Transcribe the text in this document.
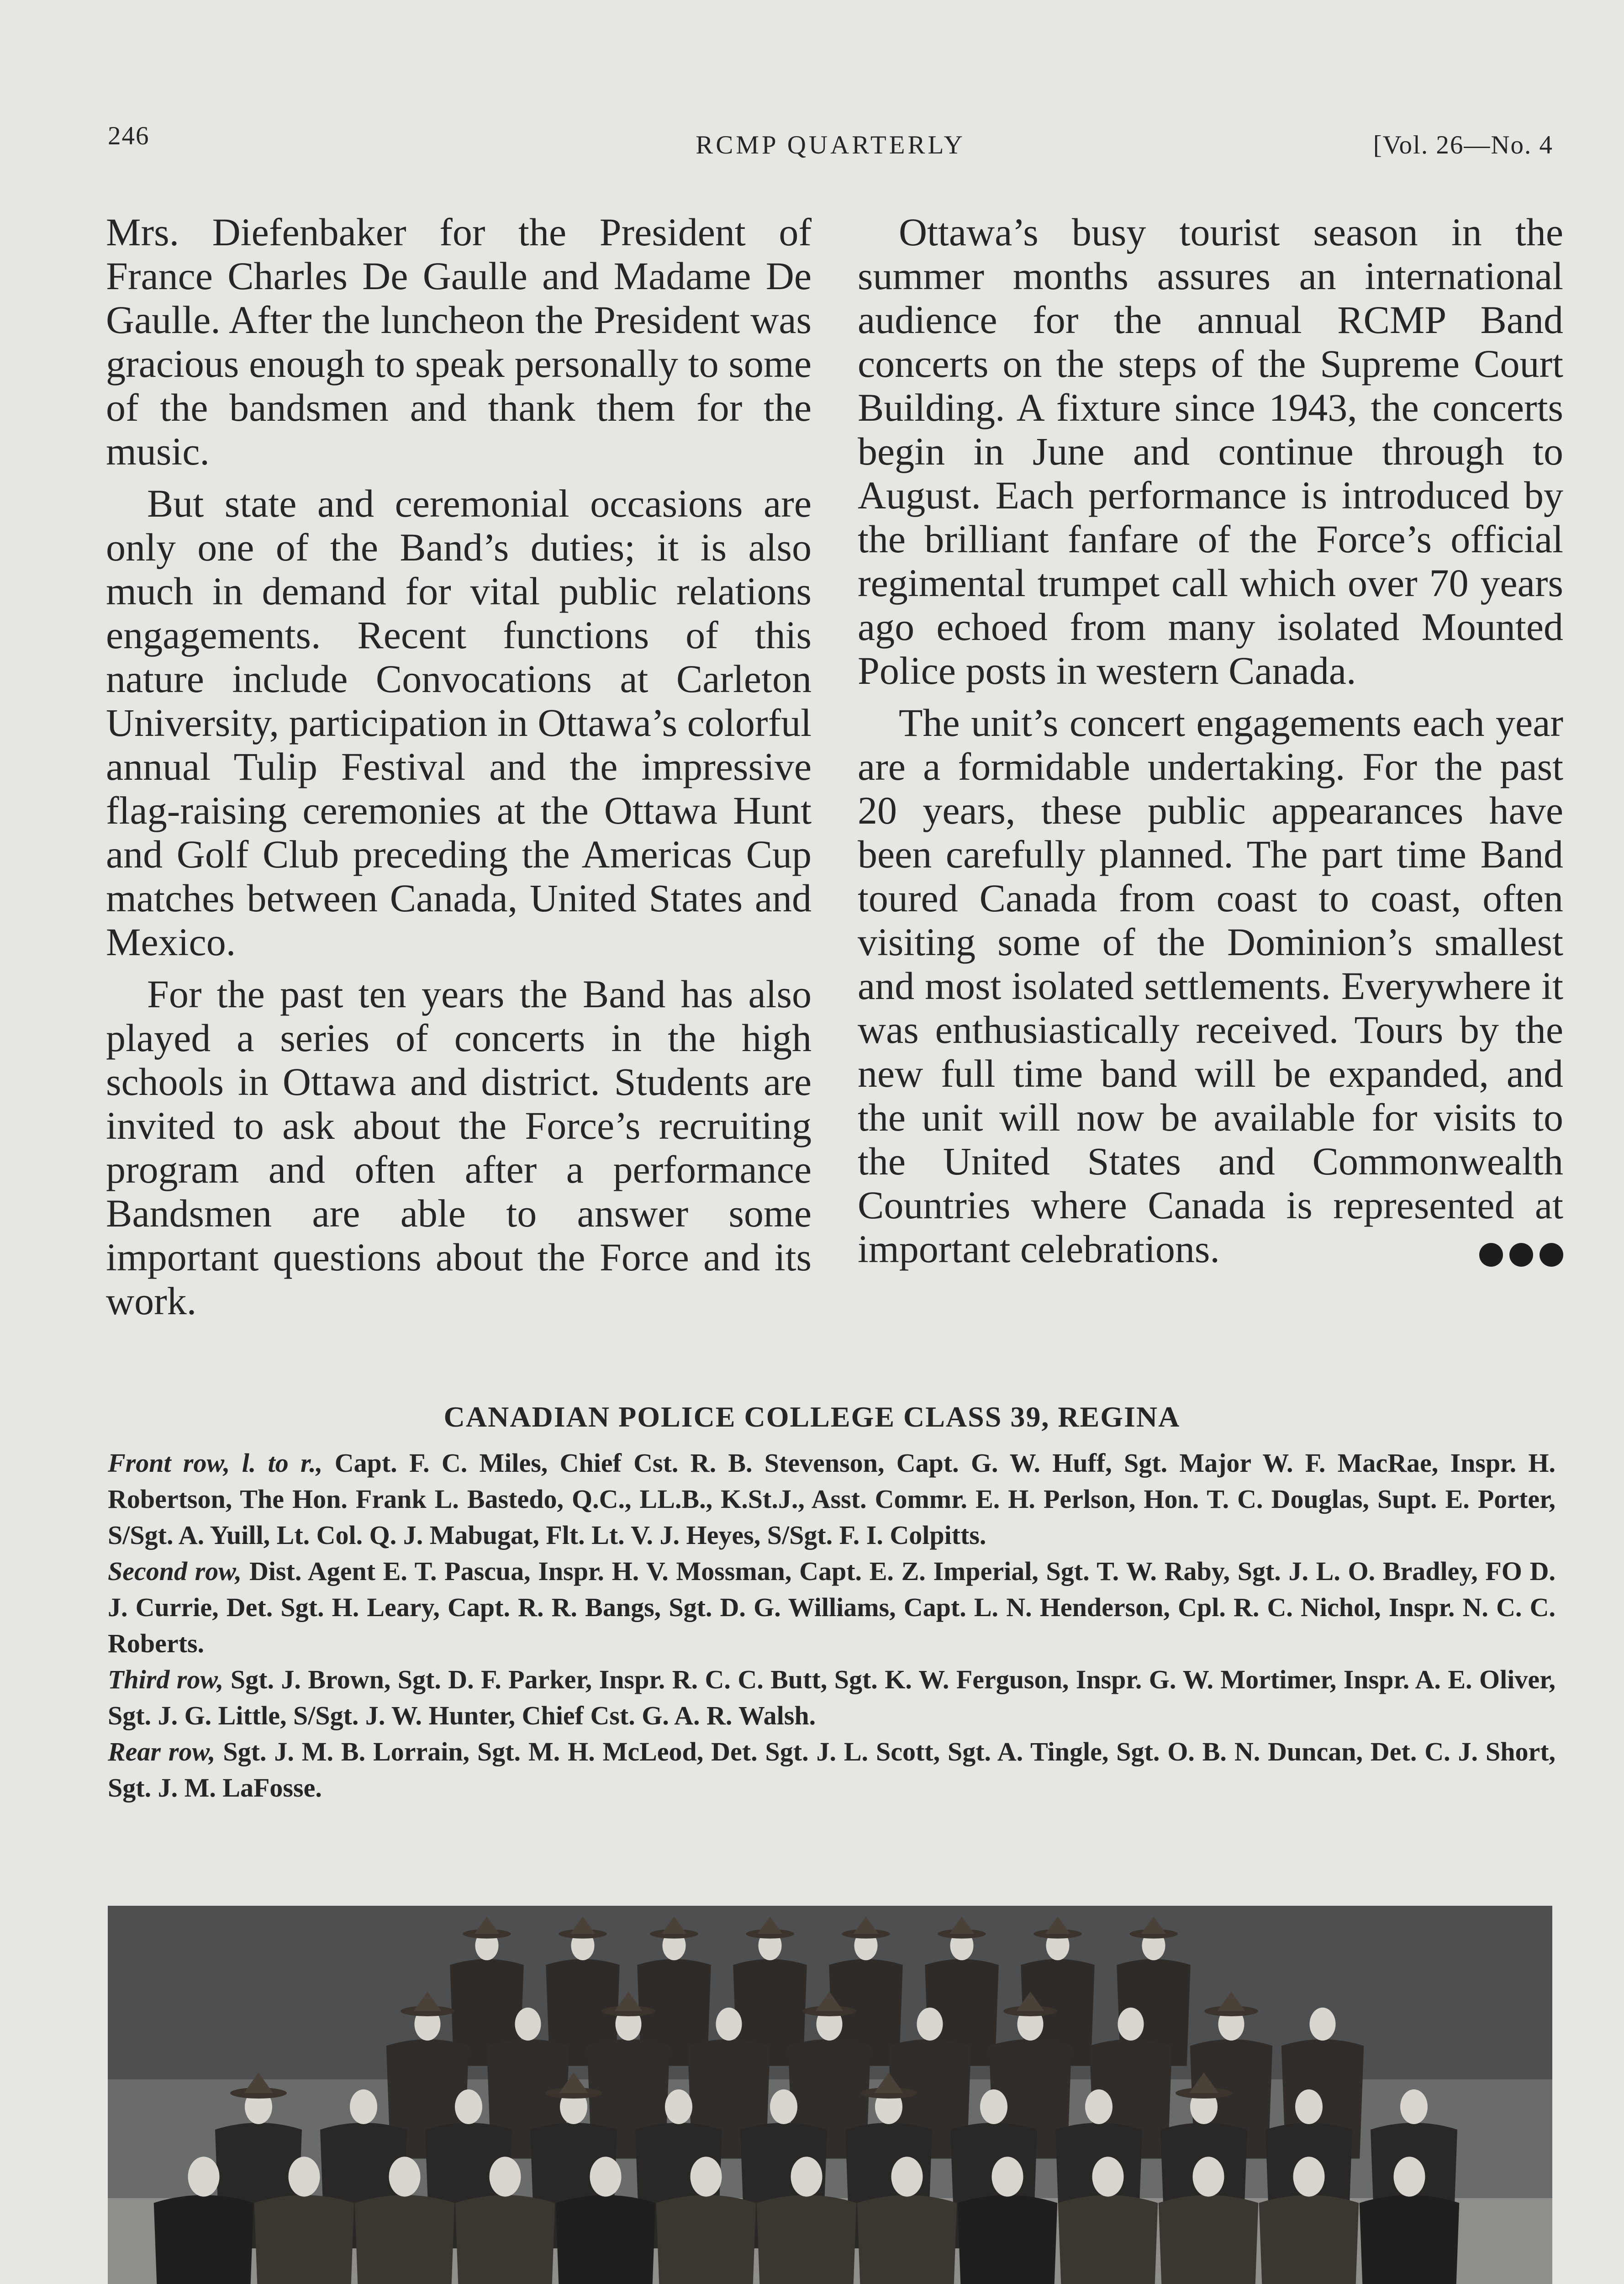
246	RCMP QUARTERLY	[Vol. 26—No. 4

Mrs. Diefenbaker for the President of France Charles De Gaulle and Madame De Gaulle. After the luncheon the President was gracious enough to speak personally to some of the bandsmen and thank them for the music.

But state and ceremonial occasions are only one of the Band’s duties; it is also much in demand for vital public relations engagements. Recent functions of this nature include Convocations at Carleton University, participation in Ottawa’s colorful annual Tulip Festival and the impressive flag-raising ceremonies at the Ottawa Hunt and Golf Club preceding the Americas Cup matches between Canada, United States and Mexico.

For the past ten years the Band has also played a series of concerts in the high schools in Ottawa and district. Students are invited to ask about the Force’s recruiting program and often after a performance Bandsmen are able to answer some important questions about the Force and its work.

Ottawa’s busy tourist season in the summer months assures an international audience for the annual RCMP Band concerts on the steps of the Supreme Court Building. A fixture since 1943, the concerts begin in June and continue through to August. Each performance is introduced by the brilliant fanfare of the Force’s official regimental trumpet call which over 70 years ago echoed from many isolated Mounted Police posts in western Canada.

The unit’s concert engagements each year are a formidable undertaking. For the past 20 years, these public appearances have been carefully planned. The part time Band toured Canada from coast to coast, often visiting some of the Dominion’s smallest and most isolated settlements. Everywhere it was enthusiastically received. Tours by the new full time band will be expanded, and the unit will now be available for visits to the United States and Commonwealth Countries where Canada is represented at important celebrations.

CANADIAN POLICE COLLEGE CLASS 39, REGINA

Front row, l. to r., Capt. F. C. Miles, Chief Cst. R. B. Stevenson, Capt. G. W. Huff, Sgt. Major W. F. MacRae, Inspr. H. Robertson, The Hon. Frank L. Bastedo, Q.C., LL.B., K.St.J., Asst. Commr. E. H. Perlson, Hon. T. C. Douglas, Supt. E. Porter, S/Sgt. A. Yuill, Lt. Col. Q. J. Mabugat, Flt. Lt. V. J. Heyes, S/Sgt. F. I. Colpitts.

Second row, Dist. Agent E. T. Pascua, Inspr. H. V. Mossman, Capt. E. Z. Imperial, Sgt. T. W. Raby, Sgt. J. L. O. Bradley, FO D. J. Currie, Det. Sgt. H. Leary, Capt. R. R. Bangs, Sgt. D. G. Williams, Capt. L. N. Henderson, Cpl. R. C. Nichol, Inspr. N. C. C. Roberts.

Third row, Sgt. J. Brown, Sgt. D. F. Parker, Inspr. R. C. C. Butt, Sgt. K. W. Ferguson, Inspr. G. W. Mortimer, Inspr. A. E. Oliver, Sgt. J. G. Little, S/Sgt. J. W. Hunter, Chief Cst. G. A. R. Walsh.

Rear row, Sgt. J. M. B. Lorrain, Sgt. M. H. McLeod, Det. Sgt. J. L. Scott, Sgt. A. Tingle, Sgt. O. B. N. Duncan, Det. C. J. Short, Sgt. J. M. LaFosse.
